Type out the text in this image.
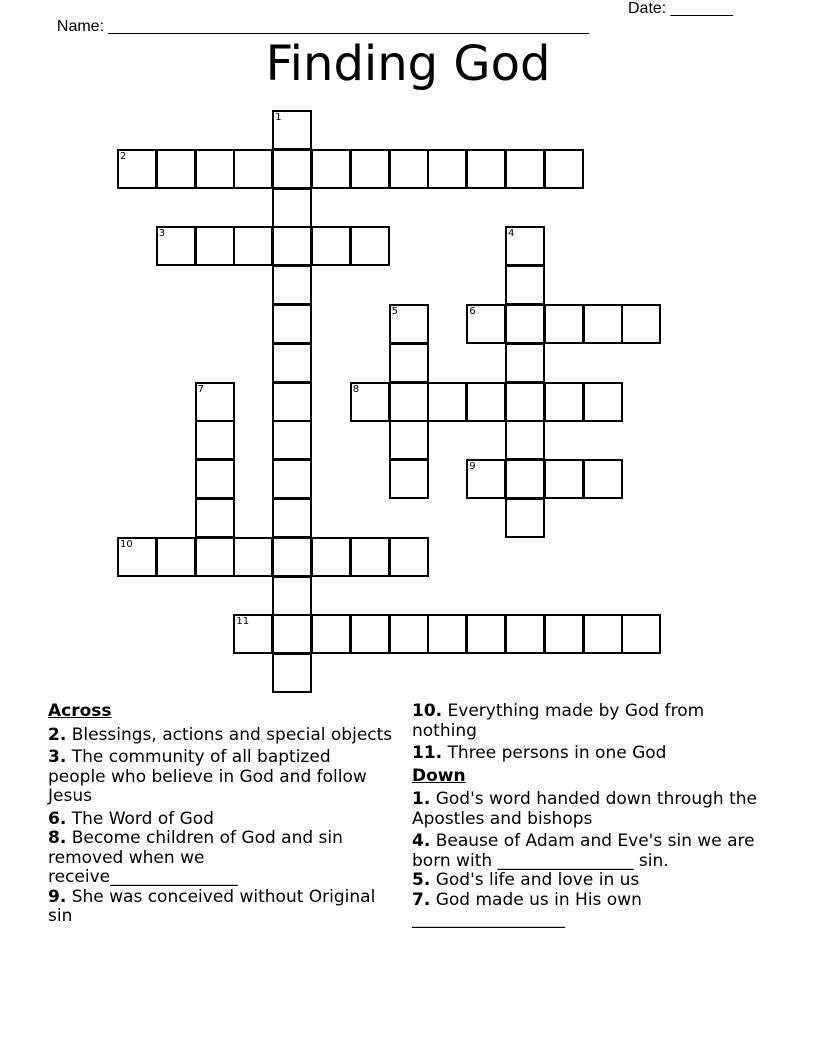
Name: ______________________________________________________

Date: _______

Finding God
1
2
3	4
5	6
7	8
9
10
11
Across
2. Blessings, actions and special objects
3. The community of all baptized people who believe in God and follow Jesus
6. The Word of God
8. Become children of God and sin removed when we receive_______________
9. She was conceived without Original sin
10. Everything made by God from nothing
11. Three persons in one God
Down
1. God's word handed down through the Apostles and bishops
4. Beause of Adam and Eve's sin we are born with ________________ sin.
5. God's life and love in us
7. God made us in His own __________________
